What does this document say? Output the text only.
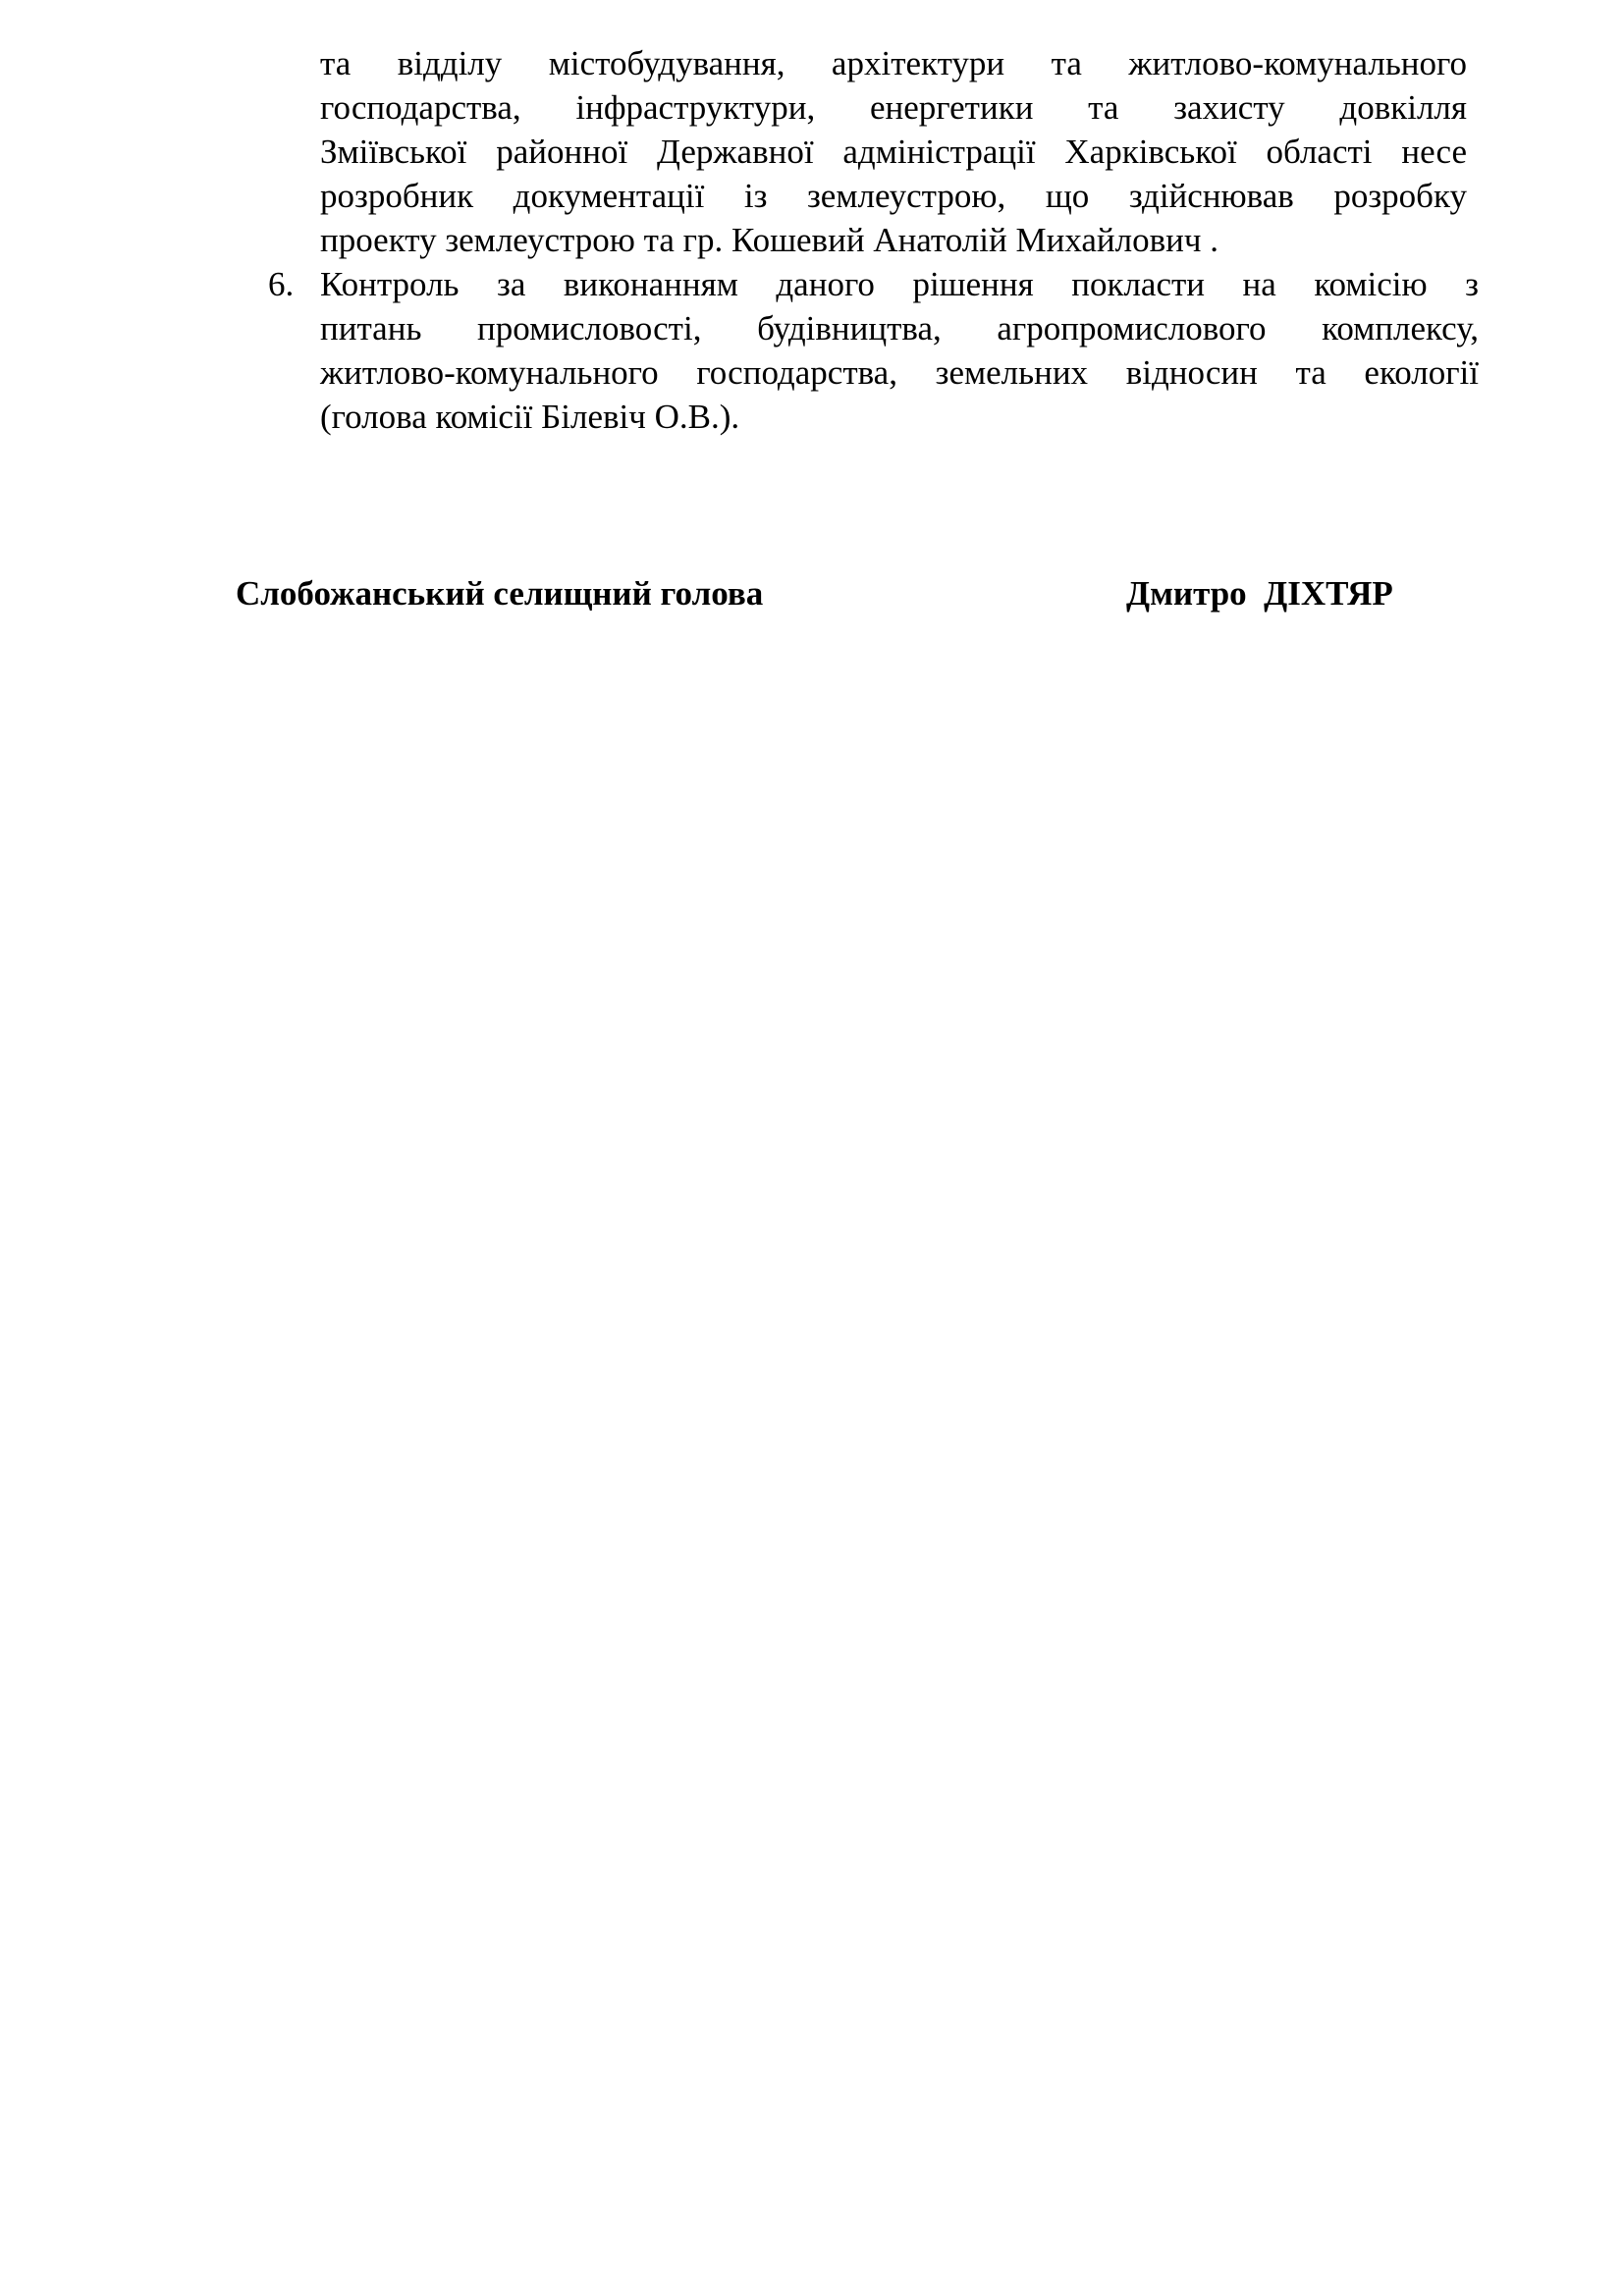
та відділу містобудування, архітектури та житлово-комунального
господарства, інфраструктури, енергетики та захисту довкілля
Зміївської районної Державної адміністрації Харківської області несе
розробник документації із землеустрою, що здійснював розробку
проекту землеустрою та гр. Кошевий Анатолій Михайлович .
6. Контроль за виконанням даного рішення покласти на комісію з
питань промисловості, будівництва, агропромислового комплексу,
житлово-комунального господарства, земельних відносин та екології
(голова комісії Білевіч О.В.).
Слобожанський селищний голова	Дмитро  ДІХТЯР
